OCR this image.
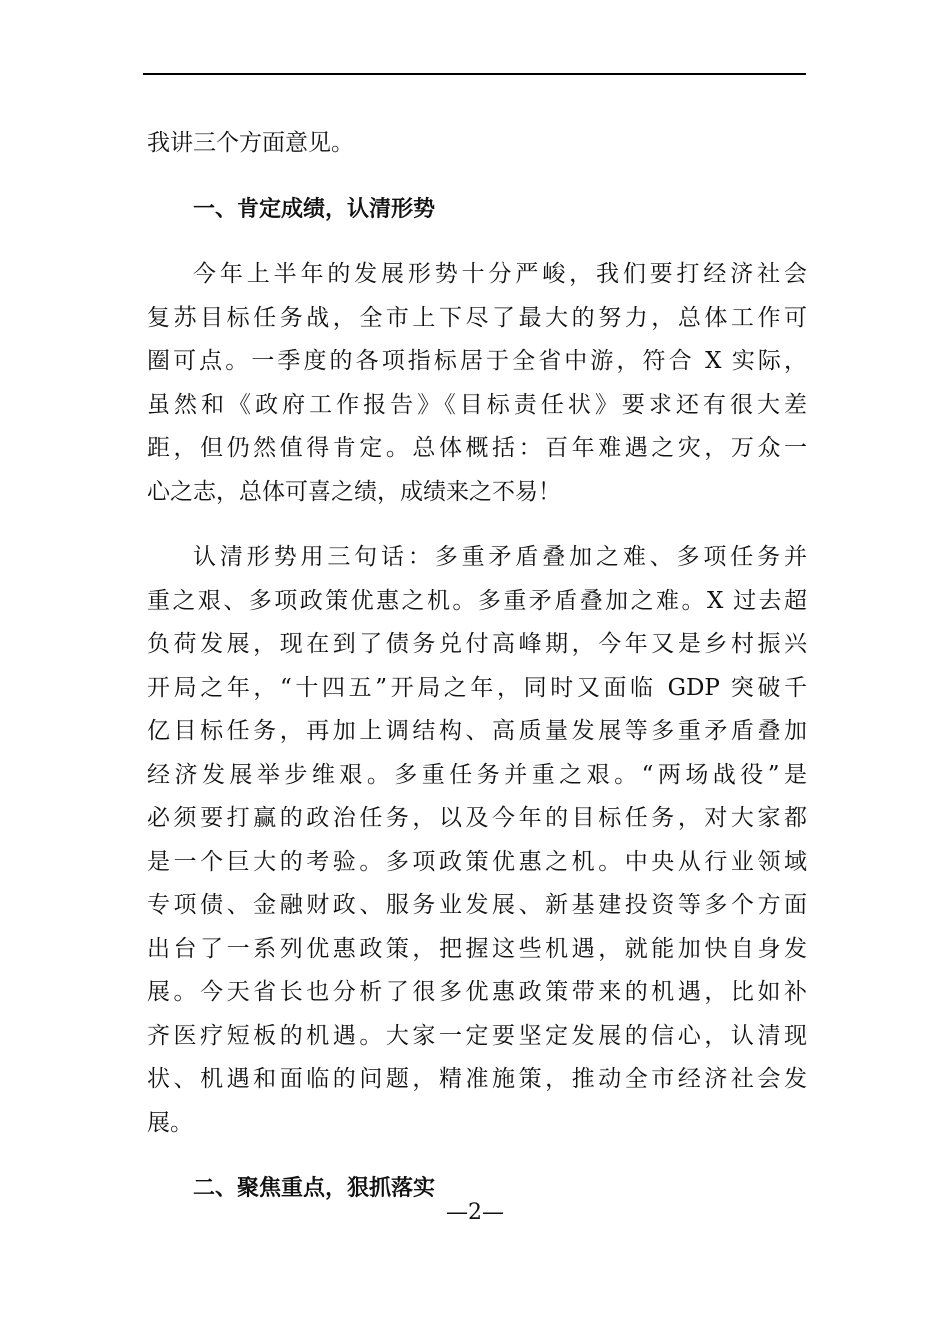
我讲三个方面意见。
一、肯定成绩，认清形势
今年上半年的发展形势十分严峻，我们要打经济社会
复苏目标任务战，全市上下尽了最大的努力，总体工作可
圈可点。一季度的各项指标居于全省中游，符合 X 实际，
虽然和《政府工作报告》《目标责任状》要求还有很大差
距，但仍然值得肯定。总体概括：百年难遇之灾，万众一
心之志，总体可喜之绩，成绩来之不易！
认清形势用三句话：多重矛盾叠加之难、多项任务并
重之艰、多项政策优惠之机。多重矛盾叠加之难。X 过去超
负荷发展，现在到了债务兑付高峰期，今年又是乡村振兴
开局之年，“十四五”开局之年，同时又面临 GDP 突破千
亿目标任务，再加上调结构、高质量发展等多重矛盾叠加
经济发展举步维艰。多重任务并重之艰。“两场战役”是
必须要打赢的政治任务，以及今年的目标任务，对大家都
是一个巨大的考验。多项政策优惠之机。中央从行业领域
专项债、金融财政、服务业发展、新基建投资等多个方面
出台了一系列优惠政策，把握这些机遇，就能加快自身发
展。今天省长也分析了很多优惠政策带来的机遇，比如补
齐医疗短板的机遇。大家一定要坚定发展的信心，认清现
状、机遇和面临的问题，精准施策，推动全市经济社会发
展。
二、聚焦重点，狠抓落实
—2—
